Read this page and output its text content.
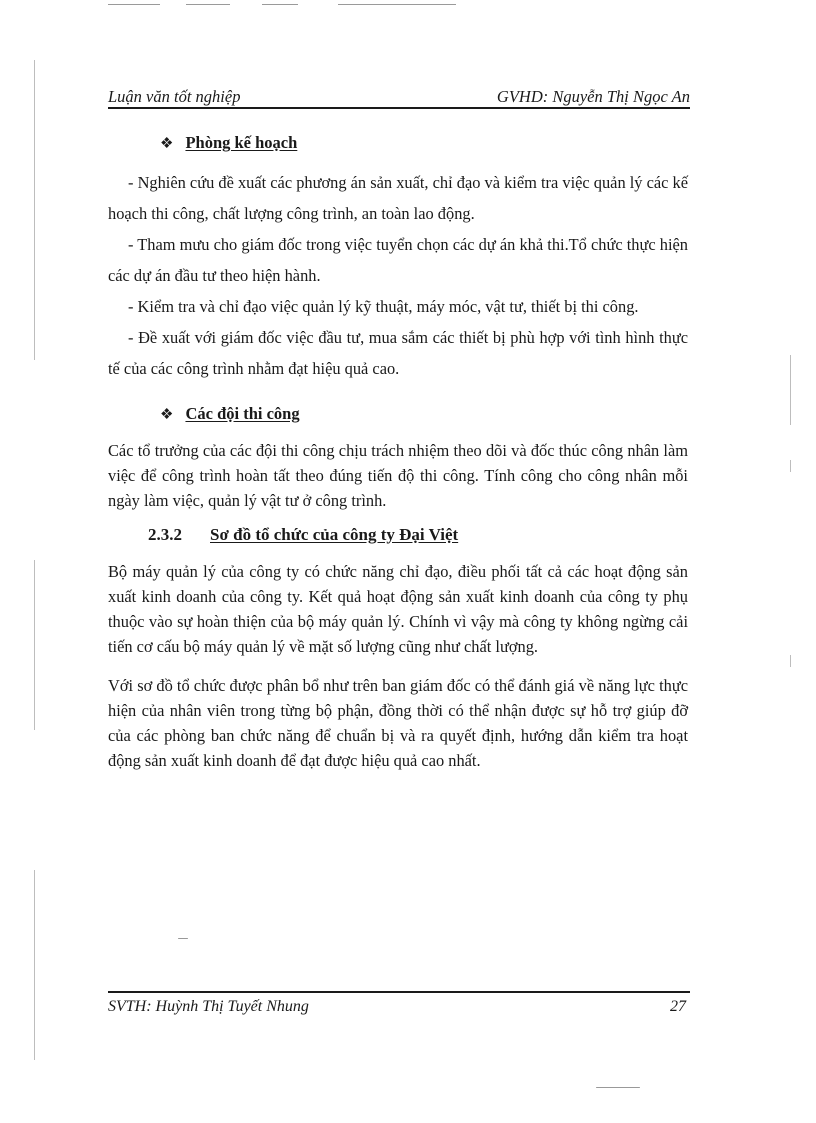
Luận văn tốt nghiệp	GVHD: Nguyễn Thị Ngọc An
❖ Phòng kế hoạch

- Nghiên cứu đề xuất các phương án sản xuất, chỉ đạo và kiểm tra việc quản lý các kế hoạch thi công, chất lượng công trình, an toàn lao động.

- Tham mưu cho giám đốc trong việc tuyển chọn các dự án khả thi.Tổ chức thực hiện các dự án đầu tư theo hiện hành.

- Kiểm tra và chỉ đạo việc quản lý kỹ thuật, máy móc, vật tư, thiết bị thi công.

- Đề xuất với giám đốc việc đầu tư, mua sắm các thiết bị phù hợp với tình hình thực tế của các công trình nhằm đạt hiệu quả cao.

❖ Các đội thi công

Các tổ trưởng của các đội thi công chịu trách nhiệm theo dõi và đốc thúc công nhân làm việc để công trình hoàn tất theo đúng tiến độ thi công. Tính công cho công nhân mỗi ngày làm việc, quản lý vật tư ở công trình.

2.3.2	Sơ đồ tổ chức của công ty Đại Việt

Bộ máy quản lý của công ty có chức năng chỉ đạo, điều phối tất cả các hoạt động sản xuất kinh doanh của công ty. Kết quả hoạt động sản xuất kinh doanh của công ty phụ thuộc vào sự hoàn thiện của bộ máy quản lý. Chính vì vậy mà công ty không ngừng cải tiến cơ cấu bộ máy quản lý về mặt số lượng cũng như chất lượng.

Với sơ đồ tổ chức được phân bổ như trên ban giám đốc có thể đánh giá về năng lực thực hiện của nhân viên trong từng bộ phận, đồng thời có thể nhận được sự hỗ trợ giúp đỡ của các phòng ban chức năng để chuẩn bị và ra quyết định, hướng dẫn kiểm tra hoạt động sản xuất kinh doanh để đạt được hiệu quả cao nhất.

SVTH: Huỳnh Thị Tuyết Nhung	27
